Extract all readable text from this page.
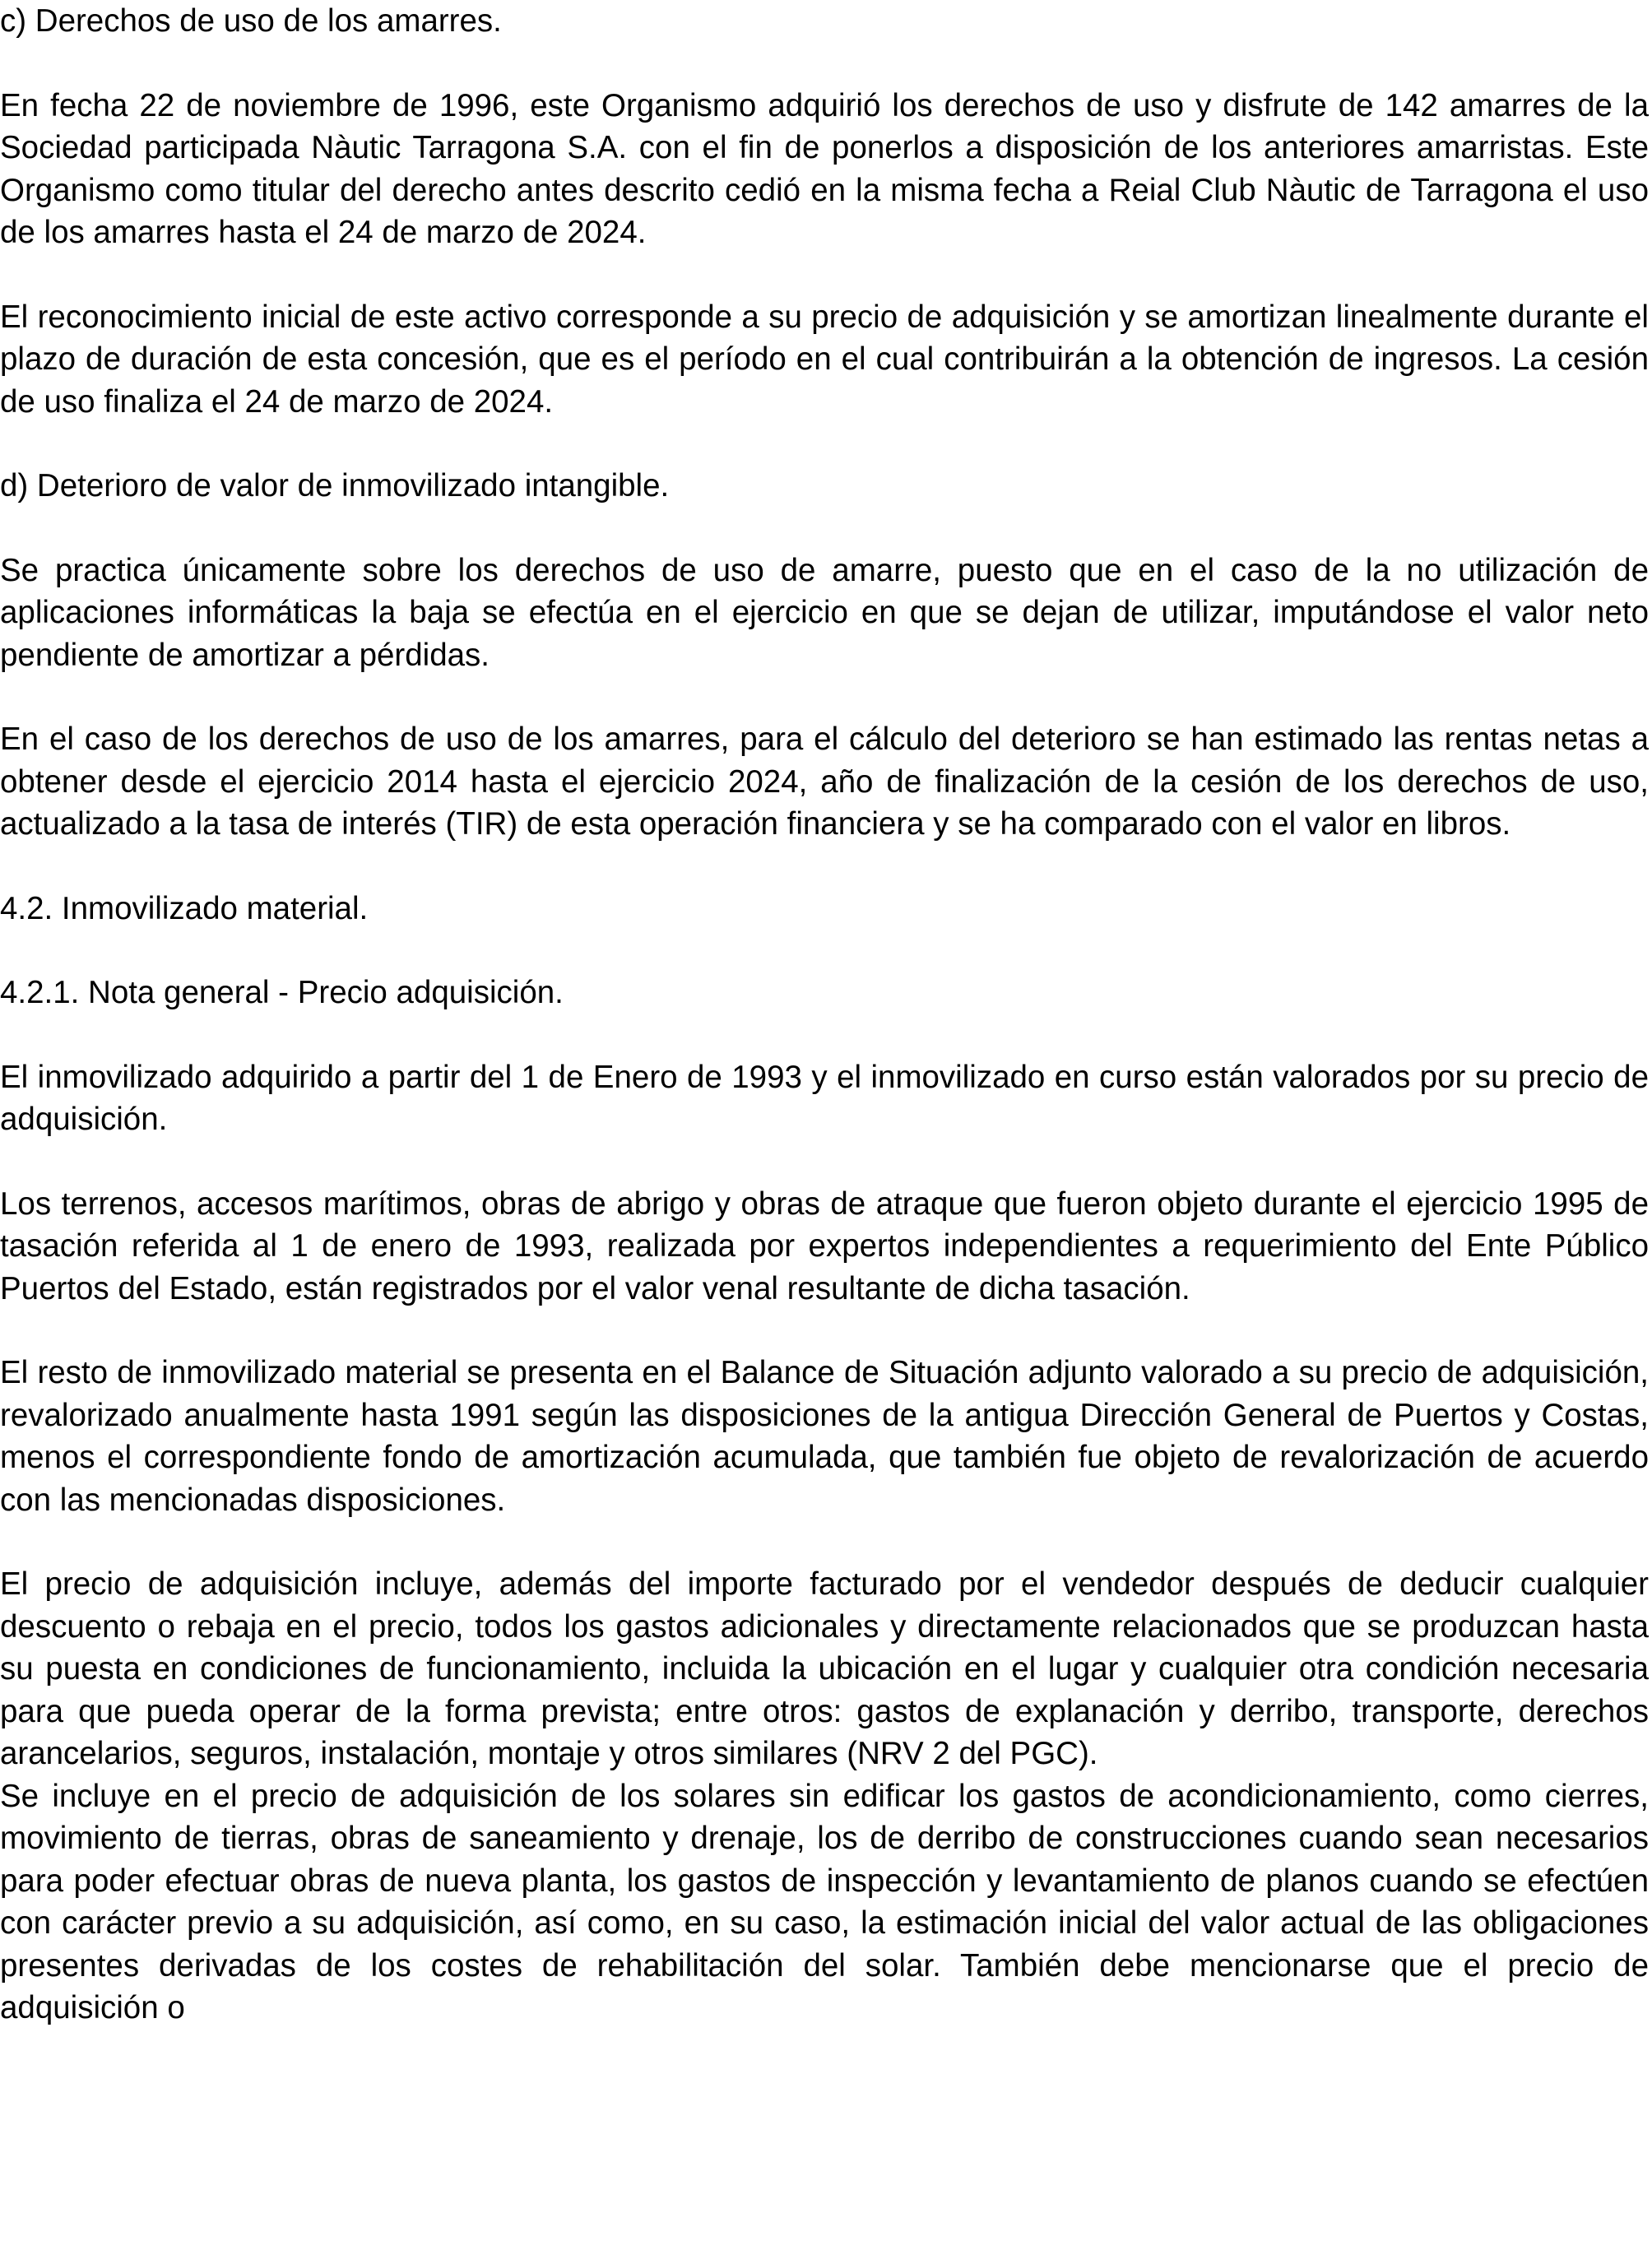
c) Derechos de uso de los amarres.

En fecha 22 de noviembre de 1996, este Organismo adquirió los derechos de uso y disfrute de 142 amarres de la Sociedad participada Nàutic Tarragona S.A. con el fin de ponerlos a disposición de los anteriores amarristas. Este Organismo como titular del derecho antes descrito cedió en la misma fecha a Reial Club Nàutic de Tarragona el uso de los amarres hasta el 24 de marzo de 2024.

El reconocimiento inicial de este activo corresponde a su precio de adquisición y se amortizan linealmente durante el plazo de duración de esta concesión, que es el período en el cual contribuirán a la obtención de ingresos. La cesión de uso finaliza el 24 de marzo de 2024.

d) Deterioro de valor de inmovilizado intangible.

Se practica únicamente sobre los derechos de uso de amarre, puesto que en el caso de la no utilización de aplicaciones informáticas la baja se efectúa en el ejercicio en que se dejan de utilizar, imputándose el valor neto pendiente de amortizar a pérdidas.

En el caso de los derechos de uso de los amarres, para el cálculo del deterioro se han estimado las rentas netas a obtener desde el ejercicio 2014 hasta el ejercicio 2024, año de finalización de la cesión de los derechos de uso, actualizado a la tasa de interés (TIR) de esta operación financiera y se ha comparado con el valor en libros.

4.2. Inmovilizado material.

4.2.1. Nota general - Precio adquisición.

El inmovilizado adquirido a partir del 1 de Enero de 1993 y el inmovilizado en curso están valorados por su precio de adquisición.

Los terrenos, accesos marítimos, obras de abrigo y obras de atraque que fueron objeto durante el ejercicio 1995 de tasación referida al 1 de enero de 1993, realizada por expertos independientes a requerimiento del Ente Público Puertos del Estado, están registrados por el valor venal resultante de dicha tasación.

El resto de inmovilizado material se presenta en el Balance de Situación adjunto valorado a su precio de adquisición, revalorizado anualmente hasta 1991 según las disposiciones de la antigua Dirección General de Puertos y Costas, menos el correspondiente fondo de amortización acumulada, que también fue objeto de revalorización de acuerdo con las mencionadas disposiciones.

El precio de adquisición incluye, además del importe facturado por el vendedor después de deducir cualquier descuento o rebaja en el precio, todos los gastos adicionales y directamente relacionados que se produzcan hasta su puesta en condiciones de funcionamiento, incluida la ubicación en el lugar y cualquier otra condición necesaria para que pueda operar de la forma prevista; entre otros: gastos de explanación y derribo, transporte, derechos arancelarios, seguros, instalación, montaje y otros similares (NRV 2 del PGC).

Se incluye en el precio de adquisición de los solares sin edificar los gastos de acondicionamiento, como cierres, movimiento de tierras, obras de saneamiento y drenaje, los de derribo de construcciones cuando sean necesarios para poder efectuar obras de nueva planta, los gastos de inspección y levantamiento de planos cuando se efectúen con carácter previo a su adquisición, así como, en su caso, la estimación inicial del valor actual de las obligaciones presentes derivadas de los costes de rehabilitación del solar. También debe mencionarse que el precio de adquisición o
